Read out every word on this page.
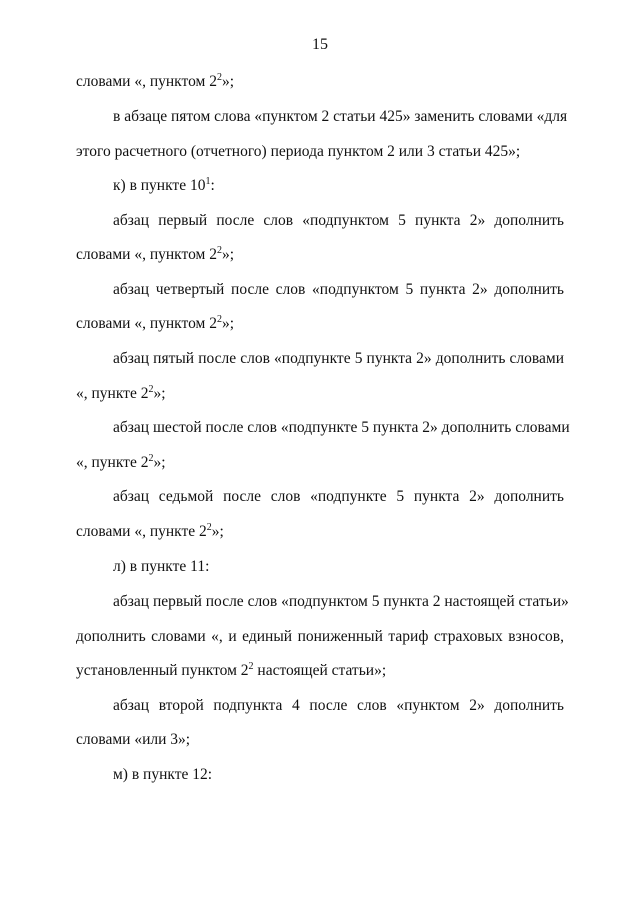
15
словами «, пунктом $2^2$»;
в абзаце пятом слова «пунктом 2 статьи 425» заменить словами «для
этого расчетного (отчетного) периода пунктом 2 или 3 статьи 425»;
к) в пункте $10^1$:
абзац первый после слов «подпунктом 5 пункта 2» дополнить
словами «, пунктом $2^2$»;
абзац четвертый после слов «подпунктом 5 пункта 2» дополнить
словами «, пунктом $2^2$»;
абзац пятый после слов «подпункте 5 пункта 2» дополнить словами
«, пункте $2^2$»;
абзац шестой после слов «подпункте 5 пункта 2» дополнить словами
«, пункте $2^2$»;
абзац седьмой после слов «подпункте 5 пункта 2» дополнить
словами «, пункте $2^2$»;
л) в пункте 11:
абзац первый после слов «подпунктом 5 пункта 2 настоящей статьи»
дополнить словами «, и единый пониженный тариф страховых взносов,
установленный пунктом $2^2$ настоящей статьи»;
абзац второй подпункта 4 после слов «пунктом 2» дополнить
словами «или 3»;
м) в пункте 12:
